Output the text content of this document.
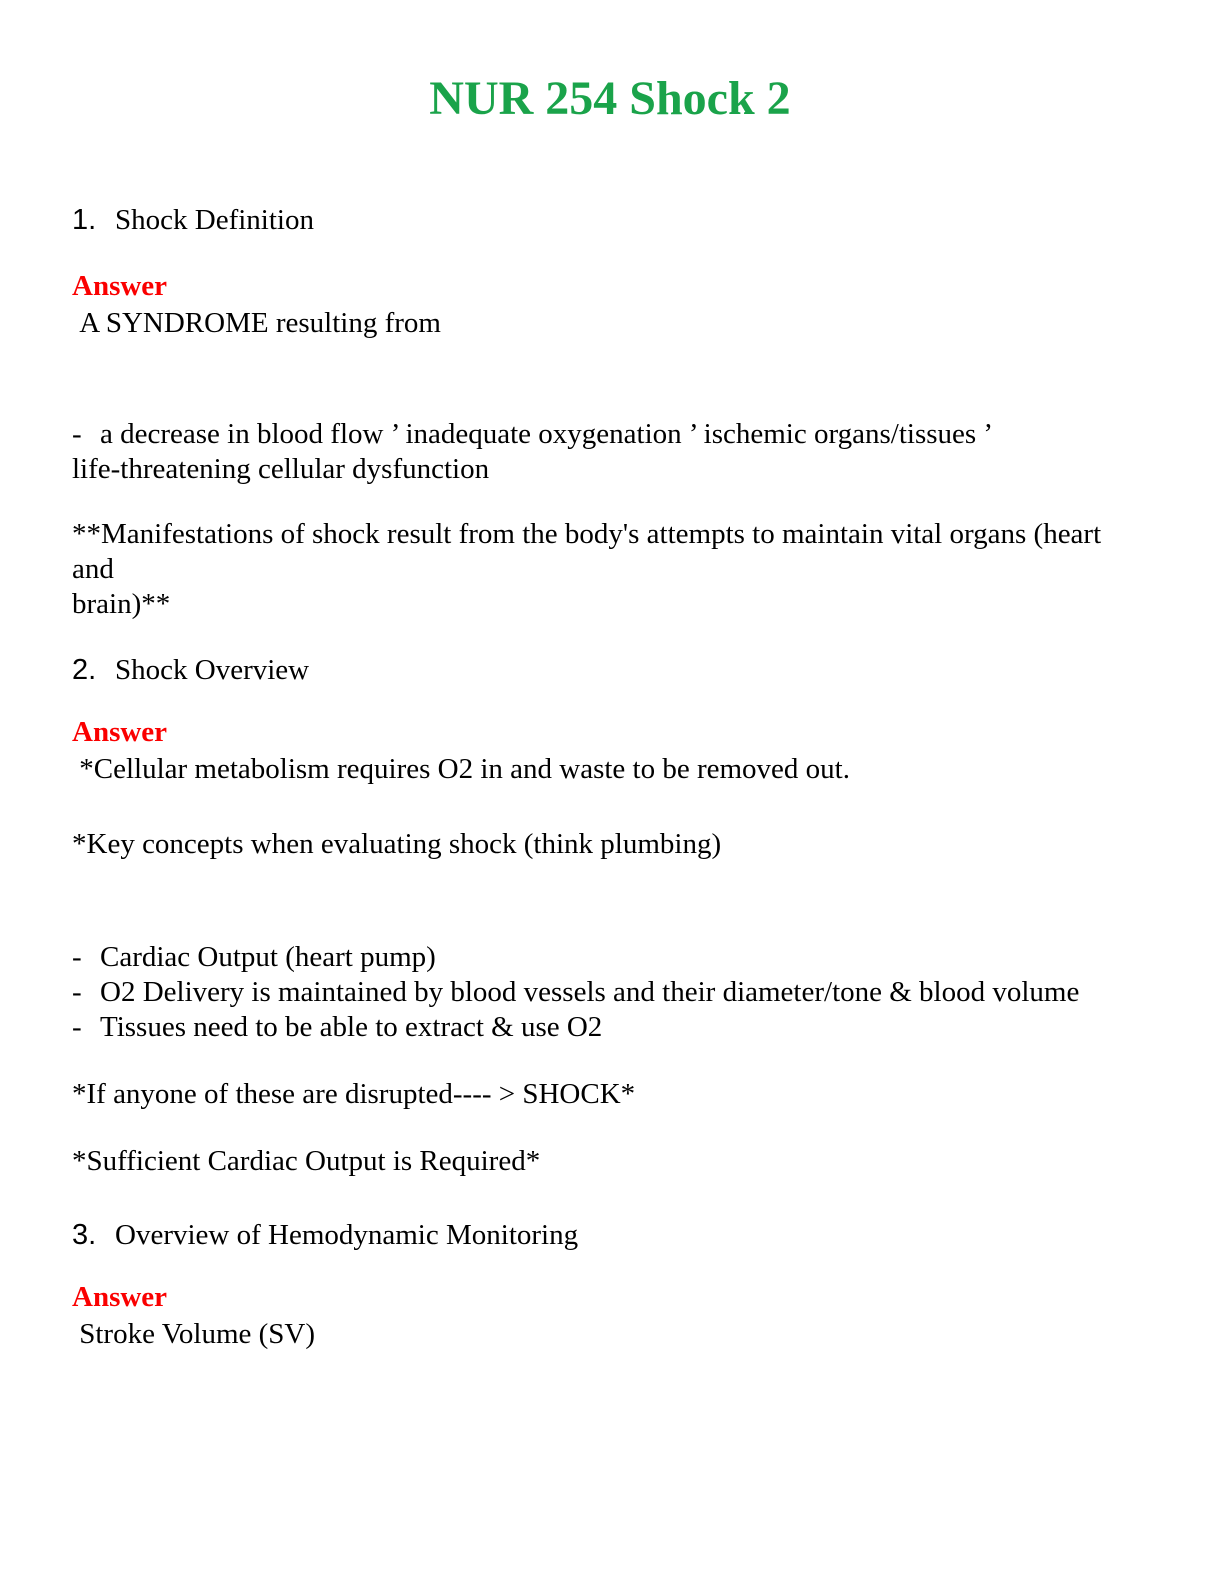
NUR 254 Shock 2
1. Shock Definition
Answer
A SYNDROME resulting from
- a decrease in blood flow ’ inadequate oxygenation ’ ischemic organs/tissues ’
life-threatening cellular dysfunction
**Manifestations of shock result from the body's attempts to maintain vital organs (heart and
brain)**
2. Shock Overview
Answer
*Cellular metabolism requires O2 in and waste to be removed out.
*Key concepts when evaluating shock (think plumbing)
- Cardiac Output (heart pump)
- O2 Delivery is maintained by blood vessels and their diameter/tone & blood volume
- Tissues need to be able to extract & use O2
*If anyone of these are disrupted---- > SHOCK*
*Sufficient Cardiac Output is Required*
3. Overview of Hemodynamic Monitoring
Answer
Stroke Volume (SV)
